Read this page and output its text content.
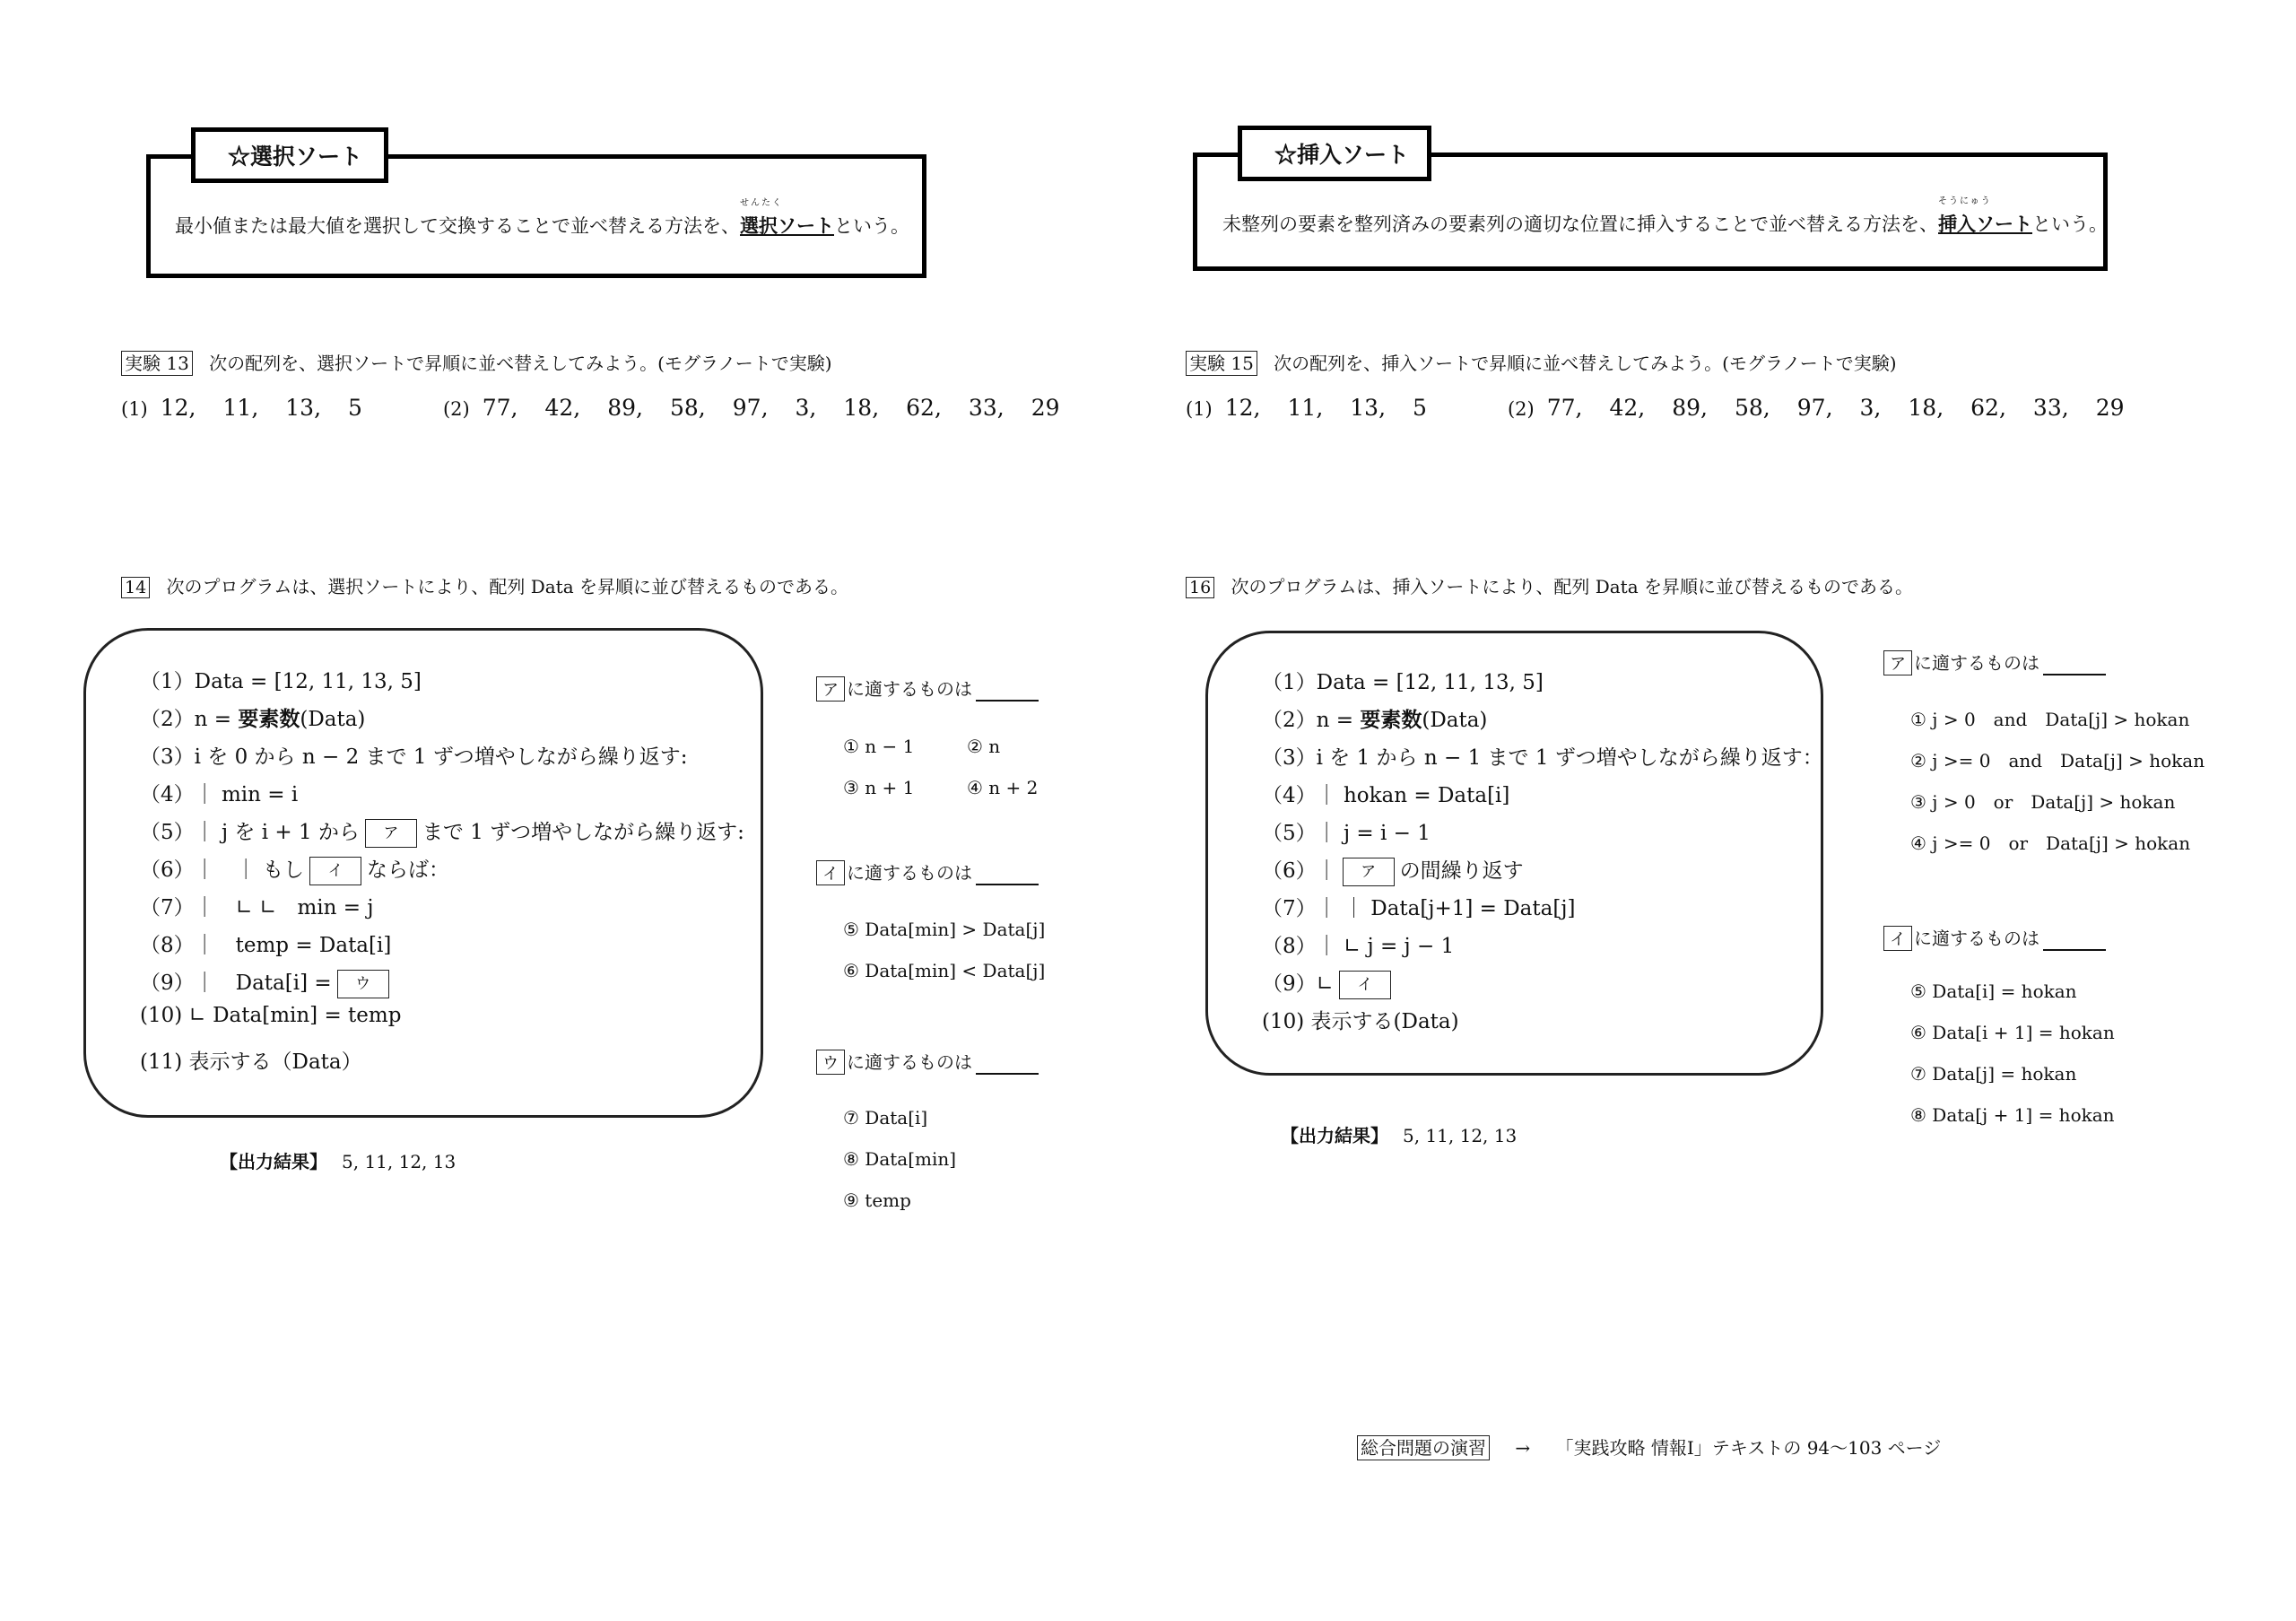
☆選択ソート
最小値または最大値を選択して交換することで並べ替える方法を、
せんたく
選択ソートという。
実験 13 次の配列を、選択ソートで昇順に並べ替えしてみよう。(モグラノートで実験)
(1) 12, 11, 13, 5	(2) 77, 42, 89, 58, 97, 3, 18, 62, 33, 29
14 次のプログラムは、選択ソートにより、配列 Data を昇順に並び替えるものである。
（1）Data = [12, 11, 13, 5]
（2）n = 要素数(Data)
（3）i を 0 から n − 2 まで 1 ずつ増やしながら繰り返す:
（4）｜ min = i
（5）｜ j を i + 1 から ア まで 1 ずつ増やしながら繰り返す:
（6）｜　｜ もし イ ならば：
（7）｜　∟ ∟　min = j
（8）｜　temp = Data[i]
（9）｜　Data[i] = ウ
(10) ∟ Data[min] = temp
(11) 表示する（Data）
【出力結果】 5, 11, 12, 13
ア に適するものは
① n − 1	② n
③ n + 1	④ n + 2
イ に適するものは
⑤ Data[min] > Data[j]
⑥ Data[min] < Data[j]
ウ に適するものは
⑦ Data[i]
⑧ Data[min]
⑨ temp
☆挿入ソート
未整列の要素を整列済みの要素列の適切な位置に挿入することで並べ替える方法を、
そうにゅう
挿入ソートという。
実験 15 次の配列を、挿入ソートで昇順に並べ替えしてみよう。(モグラノートで実験)
(1) 12, 11, 13, 5	(2) 77, 42, 89, 58, 97, 3, 18, 62, 33, 29
16 次のプログラムは、挿入ソートにより、配列 Data を昇順に並び替えるものである。
（1）Data = [12, 11, 13, 5]
（2）n = 要素数(Data)
（3）i を 1 から n − 1 まで 1 ずつ増やしながら繰り返す：
（4）｜ hokan = Data[i]
（5）｜ j = i − 1
（6）｜ ア の間繰り返す
（7）｜ ｜ Data[j+1] = Data[j]
（8）｜ ∟ j = j − 1
（9）∟ イ
(10) 表示する(Data)
【出力結果】 5, 11, 12, 13
ア に適するものは
① j > 0　and　Data[j] > hokan
② j >= 0　and　Data[j] > hokan
③ j > 0　or　Data[j] > hokan
④ j >= 0　or　Data[j] > hokan
イ に適するものは
⑤ Data[i] = hokan
⑥ Data[i + 1] = hokan
⑦ Data[j] = hokan
⑧ Data[j + 1] = hokan
総合問題の演習 → 「実践攻略 情報Ⅰ」テキストの 94〜103 ページ
